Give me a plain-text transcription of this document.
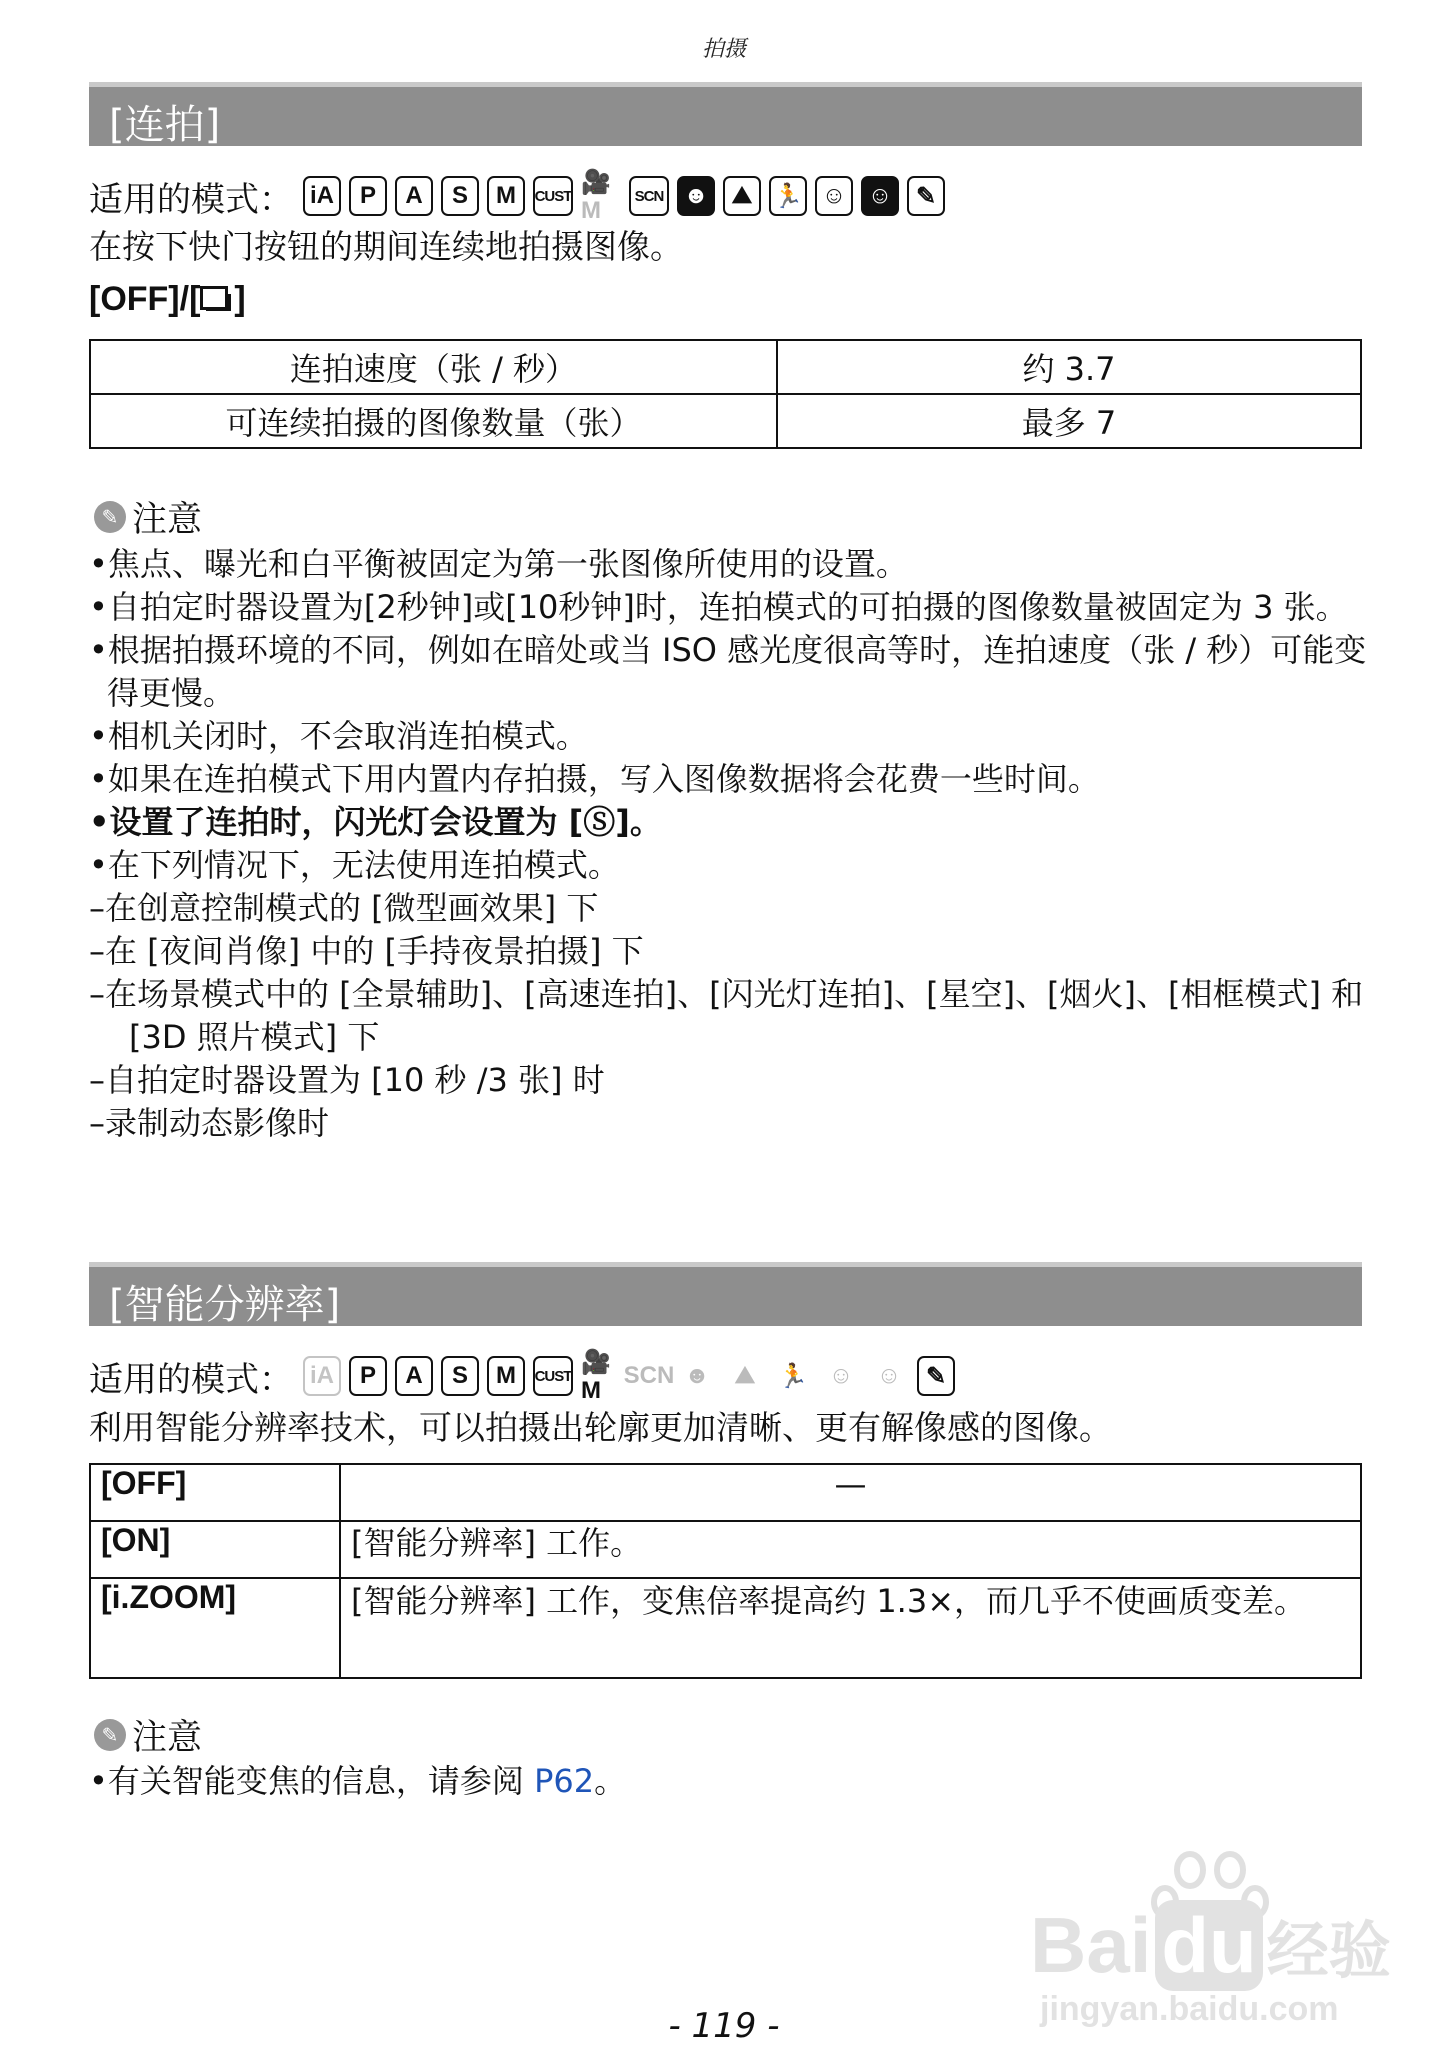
拍摄
[连拍]
适用的模式： iA	P	A	S	M	CUST
🎥M
SCN ☻ ⛰ 🏃 ☺ ☺ ✎
在按下快门按钮的期间连续地拍摄图像。
[OFF]/[ ]
连拍速度（张 / 秒）	约 3.7
可连续拍摄的图像数量（张）	最多 7
✎ 注意
•焦点、曝光和白平衡被固定为第一张图像所使用的设置。
•自拍定时器设置为[2秒钟]或[10秒钟]时，连拍模式的可拍摄的图像数量被固定为 3 张。
•根据拍摄环境的不同，例如在暗处或当 ISO 感光度很高等时，连拍速度（张 / 秒）可能变得更慢。
•相机关闭时，不会取消连拍模式。
•如果在连拍模式下用内置内存拍摄，写入图像数据将会花费一些时间。
•设置了连拍时，闪光灯会设置为 [Ⓢ]。
•在下列情况下，无法使用连拍模式。
–在创意控制模式的 [微型画效果] 下
–在 [夜间肖像] 中的 [手持夜景拍摄] 下
–在场景模式中的 [全景辅助]、[高速连拍]、[闪光灯连拍]、[星空]、[烟火]、[相框模式] 和 [3D 照片模式] 下
–自拍定时器设置为 [10 秒 /3 张] 时
–录制动态影像时
[智能分辨率]
适用的模式： iA	P	A	S	M	CUST
🎥M
SCN ☻	⛰ 🏃 ☺ ☺	✎
利用智能分辨率技术，可以拍摄出轮廓更加清晰、更有解像感的图像。
[OFF]	—
[ON]	[智能分辨率] 工作。
[i.ZOOM]	[智能分辨率] 工作，变焦倍率提高约 1.3×，而几乎不使画质变差。
✎ 注意
•有关智能变焦的信息，请参阅 P62。
Bai du 经验
jingyan.baidu.com
- 119 -
